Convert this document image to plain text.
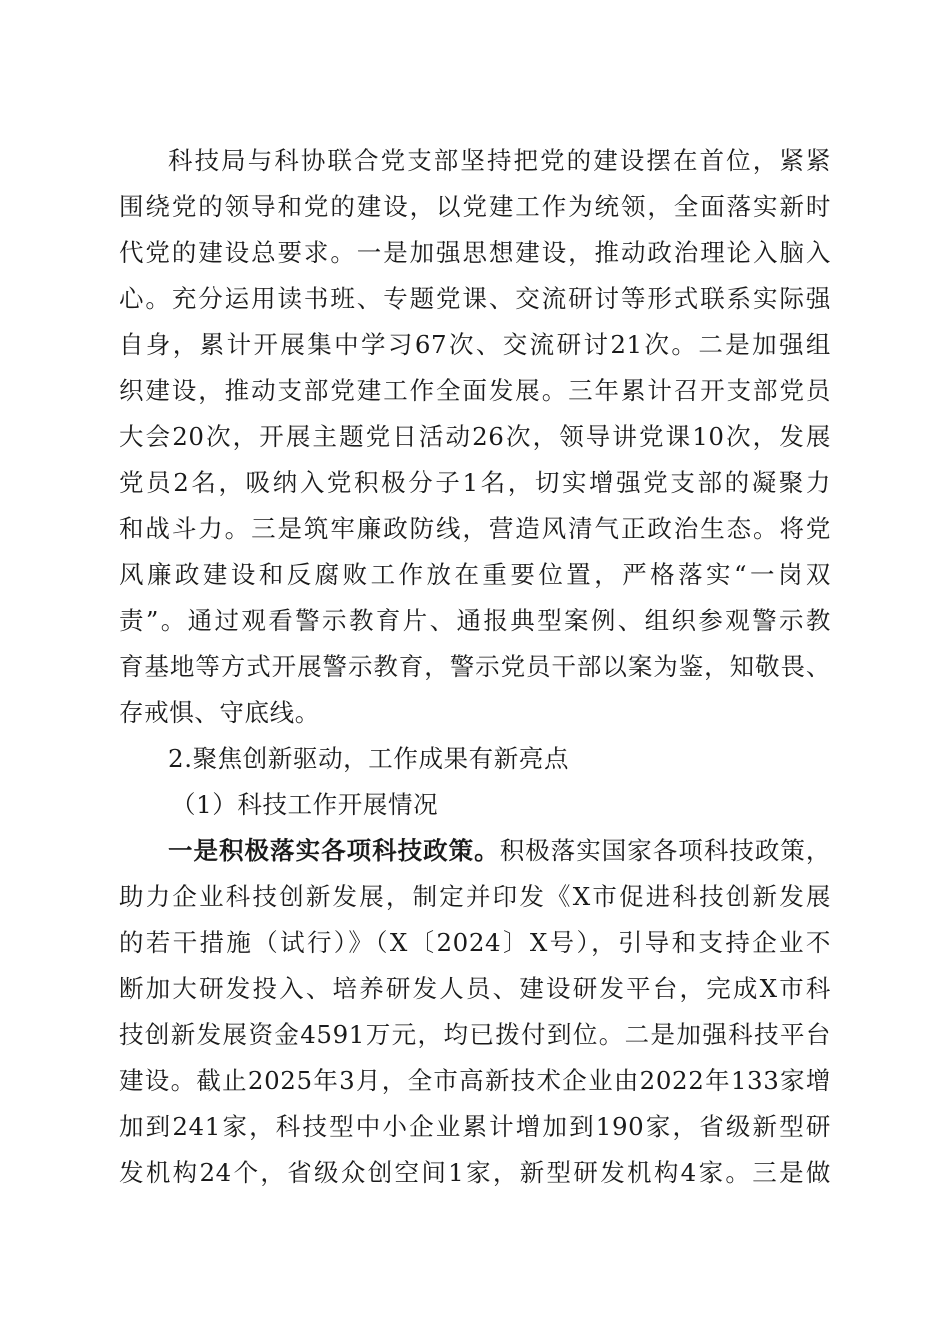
科技局与科协联合党支部坚持把党的建设摆在首位，紧紧
围绕党的领导和党的建设，以党建工作为统领，全面落实新时
代党的建设总要求。一是加强思想建设，推动政治理论入脑入
心。充分运用读书班、专题党课、交流研讨等形式联系实际强
自身，累计开展集中学习67次、交流研讨21次。二是加强组
织建设，推动支部党建工作全面发展。三年累计召开支部党员
大会20次，开展主题党日活动26次，领导讲党课10次，发展
党员2名，吸纳入党积极分子1名，切实增强党支部的凝聚力
和战斗力。三是筑牢廉政防线，营造风清气正政治生态。将党
风廉政建设和反腐败工作放在重要位置，严格落实“一岗双
责”。通过观看警示教育片、通报典型案例、组织参观警示教
育基地等方式开展警示教育，警示党员干部以案为鉴，知敬畏、
存戒惧、守底线。
2.聚焦创新驱动，工作成果有新亮点
（1）科技工作开展情况
一是积极落实各项科技政策。积极落实国家各项科技政策，
助力企业科技创新发展，制定并印发《X市促进科技创新发展
的若干措施（试行）》（X〔2024〕X号），引导和支持企业不
断加大研发投入、培养研发人员、建设研发平台，完成X市科
技创新发展资金4591万元，均已拨付到位。二是加强科技平台
建设。截止2025年3月，全市高新技术企业由2022年133家增
加到241家，科技型中小企业累计增加到190家，省级新型研
发机构24个，省级众创空间1家，新型研发机构4家。三是做
